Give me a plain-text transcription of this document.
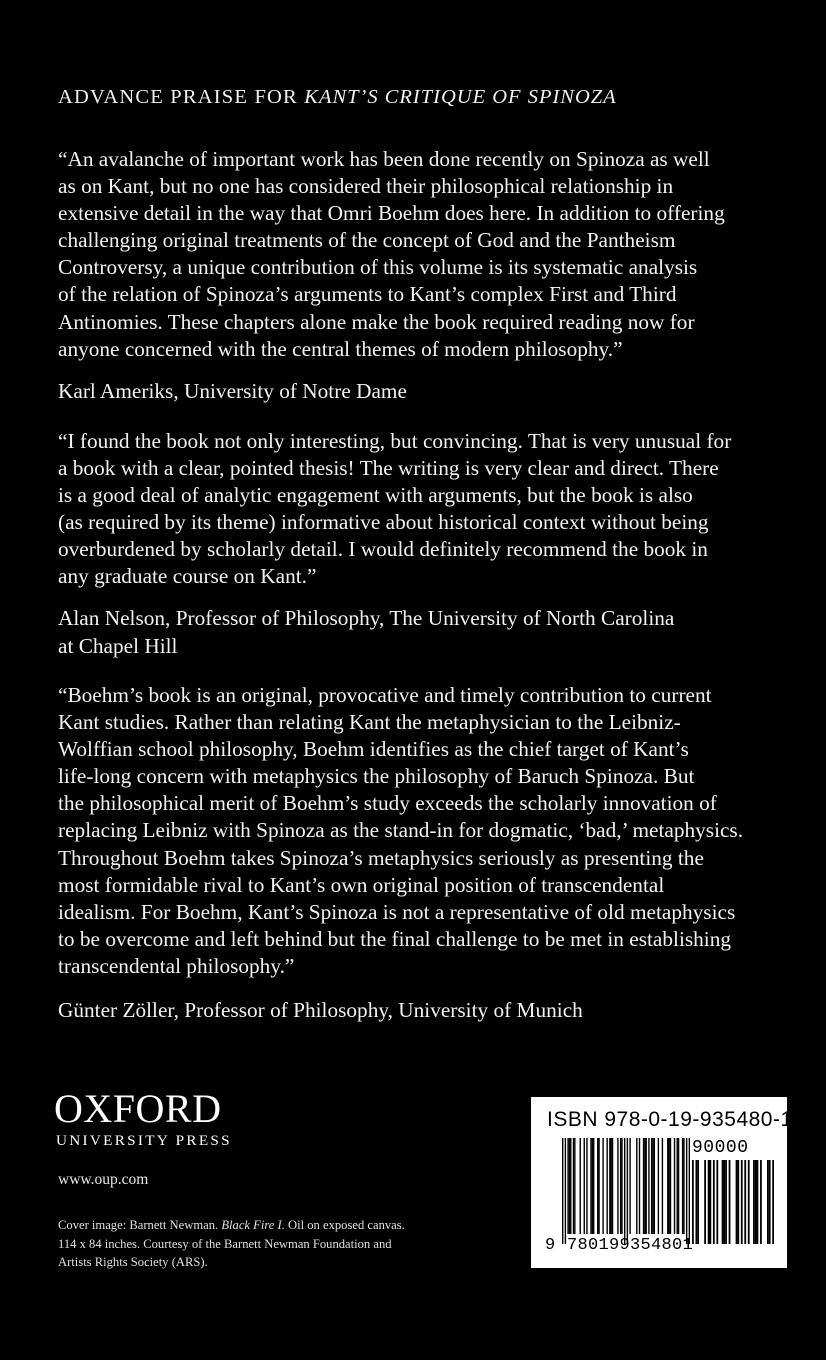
ADVANCE PRAISE FOR KANT’S CRITIQUE OF SPINOZA
“An avalanche of important work has been done recently on Spinoza as well
as on Kant, but no one has considered their philosophical relationship in
extensive detail in the way that Omri Boehm does here. In addition to offering
challenging original treatments of the concept of God and the Pantheism
Controversy, a unique contribution of this volume is its systematic analysis
of the relation of Spinoza’s arguments to Kant’s complex First and Third
Antinomies. These chapters alone make the book required reading now for
anyone concerned with the central themes of modern philosophy.”
Karl Ameriks, University of Notre Dame
“I found the book not only interesting, but convincing. That is very unusual for
a book with a clear, pointed thesis! The writing is very clear and direct. There
is a good deal of analytic engagement with arguments, but the book is also
(as required by its theme) informative about historical context without being
overburdened by scholarly detail. I would definitely recommend the book in
any graduate course on Kant.”
Alan Nelson, Professor of Philosophy, The University of North Carolina
at Chapel Hill
“Boehm’s book is an original, provocative and timely contribution to current
Kant studies. Rather than relating Kant the metaphysician to the Leibniz-
Wolffian school philosophy, Boehm identifies as the chief target of Kant’s
life-long concern with metaphysics the philosophy of Baruch Spinoza. But
the philosophical merit of Boehm’s study exceeds the scholarly innovation of
replacing Leibniz with Spinoza as the stand-in for dogmatic, ‘bad,’ metaphysics.
Throughout Boehm takes Spinoza’s metaphysics seriously as presenting the
most formidable rival to Kant’s own original position of transcendental
idealism. For Boehm, Kant’s Spinoza is not a representative of old metaphysics
to be overcome and left behind but the final challenge to be met in establishing
transcendental philosophy.”
Günter Zöller, Professor of Philosophy, University of Munich
OXFORD
UNIVERSITY PRESS
www.oup.com
Cover image: Barnett Newman. Black Fire I. Oil on exposed canvas.
114 x 84 inches. Courtesy of the Barnett Newman Foundation and
Artists Rights Society (ARS).
ISBN 978-0-19-935480-1
90000
9 780199 354801
